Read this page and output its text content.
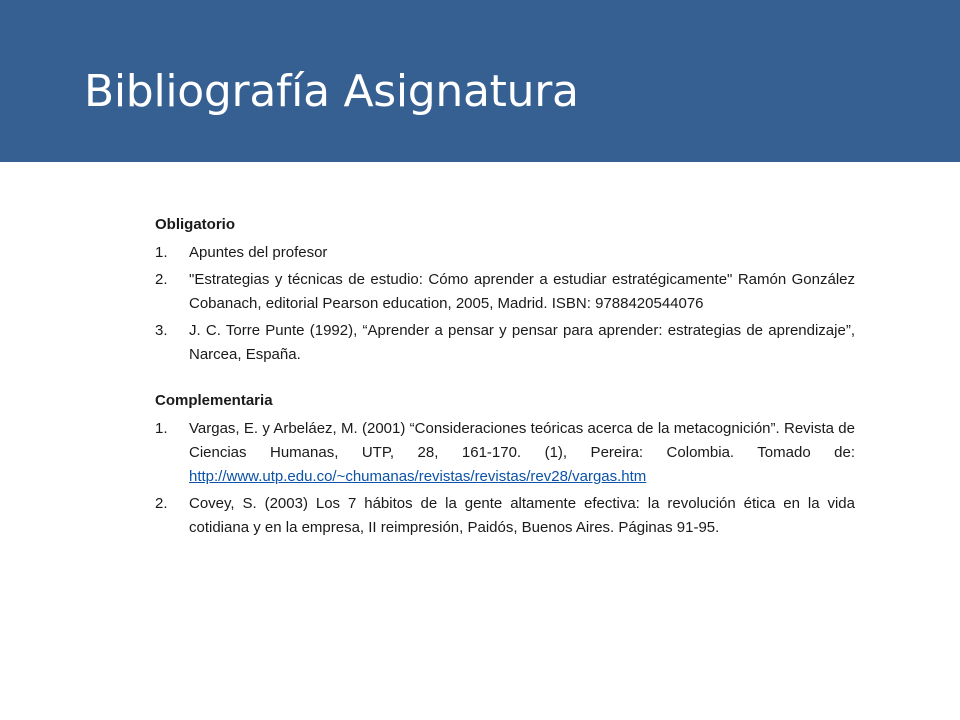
Bibliografía Asignatura

Obligatorio

1. Apuntes del profesor
2. "Estrategias y técnicas de estudio: Cómo aprender a estudiar estratégicamente" Ramón González Cobanach, editorial Pearson education, 2005, Madrid. ISBN: 9788420544076
3. J. C. Torre Punte (1992), “Aprender a pensar y pensar para aprender: estrategias de aprendizaje”, Narcea, España.

Complementaria

1. Vargas, E. y Arbeláez, M. (2001) “Consideraciones teóricas acerca de la metacognición”. Revista de Ciencias Humanas, UTP, 28, 161-170. (1), Pereira: Colombia. Tomado de: http://www.utp.edu.co/~chumanas/revistas/revistas/rev28/vargas.htm
2. Covey, S. (2003) Los 7 hábitos de la gente altamente efectiva: la revolución ética en la vida cotidiana y en la empresa, II reimpresión, Paidós, Buenos Aires. Páginas 91-95.
